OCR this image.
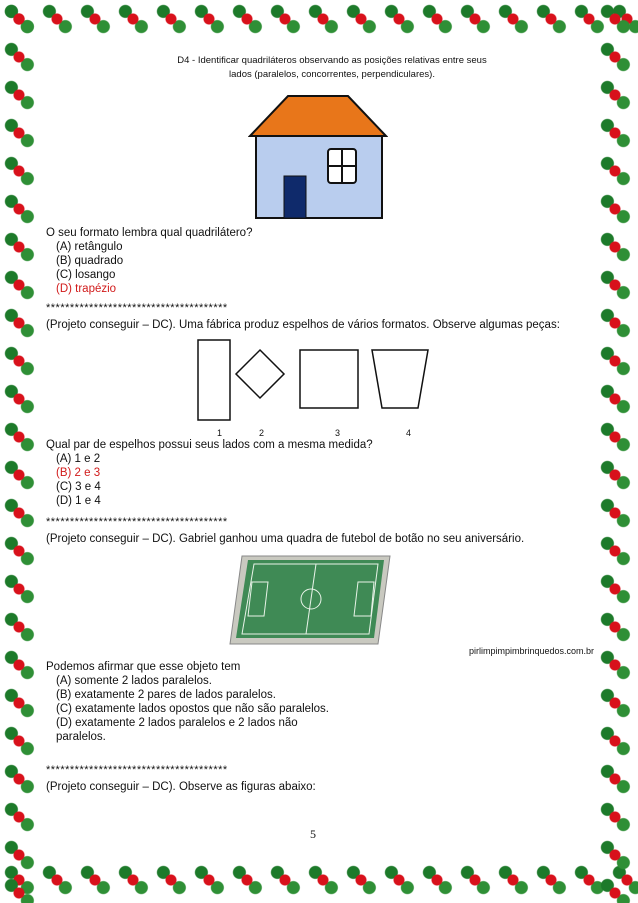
D4 - Identificar quadriláteros observando as posições relativas entre seus
lados (paralelos, concorrentes, perpendiculares).
O seu formato lembra qual quadrilátero?
(A) retângulo
(B) quadrado
(C) losango
(D) trapézio
**************************************
(Projeto conseguir – DC). Uma fábrica produz espelhos de vários formatos. Observe algumas peças:
1	2	3	4
Qual par de espelhos possui seus lados com a mesma medida?
(A) 1 e 2
(B) 2 e 3
(C) 3 e 4
(D) 1 e 4
**************************************
(Projeto conseguir – DC). Gabriel ganhou uma quadra de futebol de botão no seu aniversário.
pirlimpimpimbrinquedos.com.br
Podemos afirmar que esse objeto tem
(A) somente 2 lados paralelos.
(B) exatamente 2 pares de lados paralelos.
(C) exatamente lados opostos que não são paralelos.
(D) exatamente 2 lados paralelos e 2 lados não
paralelos.
**************************************
(Projeto conseguir – DC). Observe as figuras abaixo:
5
